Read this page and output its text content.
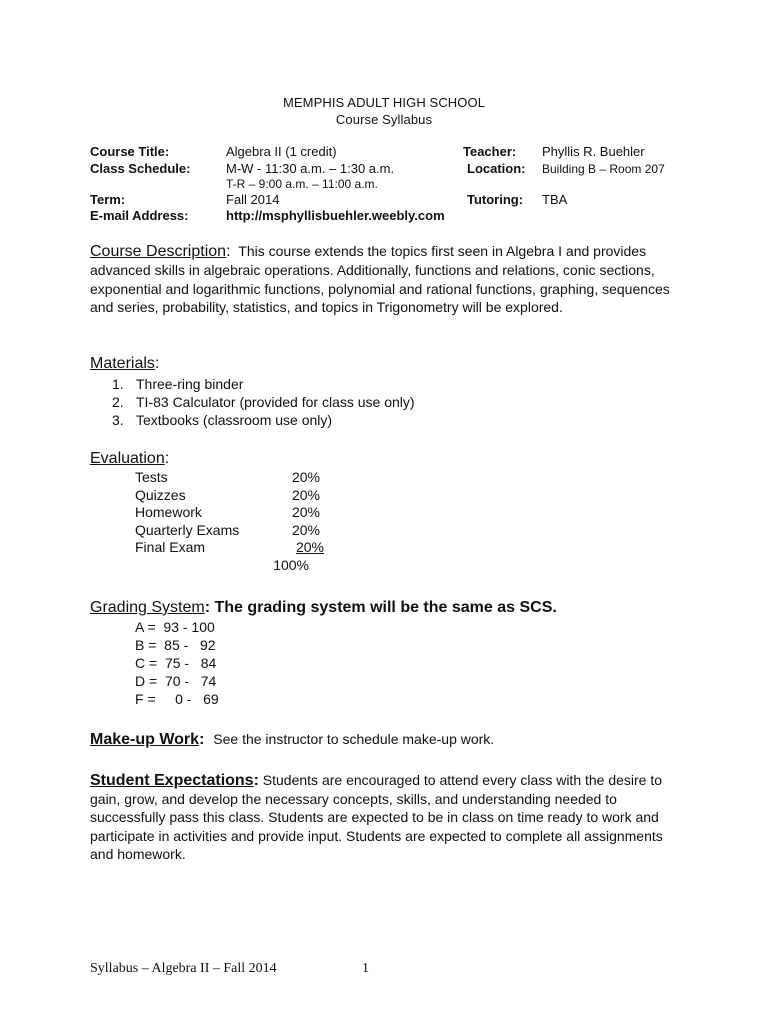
MEMPHIS ADULT HIGH SCHOOL
Course Syllabus
Course Title:	Algebra II (1 credit)	Teacher: Phyllis R. Buehler
Class Schedule:	M-W - 11:30 a.m. – 1:30 a.m.	Location: Building B – Room 207
T-R – 9:00 a.m. – 11:00 a.m.
Term:	Fall 2014	Tutoring: TBA
E-mail Address:	http://msphyllisbuehler.weebly.com
Course Description: This course extends the topics first seen in Algebra I and provides advanced skills in algebraic operations. Additionally, functions and relations, conic sections, exponential and logarithmic functions, polynomial and rational functions, graphing, sequences and series, probability, statistics, and topics in Trigonometry will be explored.
Materials:
1. Three-ring binder
2. TI-83 Calculator (provided for class use only)
3. Textbooks (classroom use only)
Evaluation:
Tests	20%
Quizzes	20%
Homework	20%
Quarterly Exams	20%
Final Exam	20%
100%
Grading System: The grading system will be the same as SCS.
A =  93 - 100
B =  85 -   92
C =  75 -   84
D =  70 -   74
F =     0 -   69
Make-up Work: See the instructor to schedule make-up work.
Student Expectations: Students are encouraged to attend every class with the desire to gain, grow, and develop the necessary concepts, skills, and understanding needed to successfully pass this class. Students are expected to be in class on time ready to work and participate in activities and provide input. Students are expected to complete all assignments and homework.
Syllabus – Algebra II – Fall 2014	1
